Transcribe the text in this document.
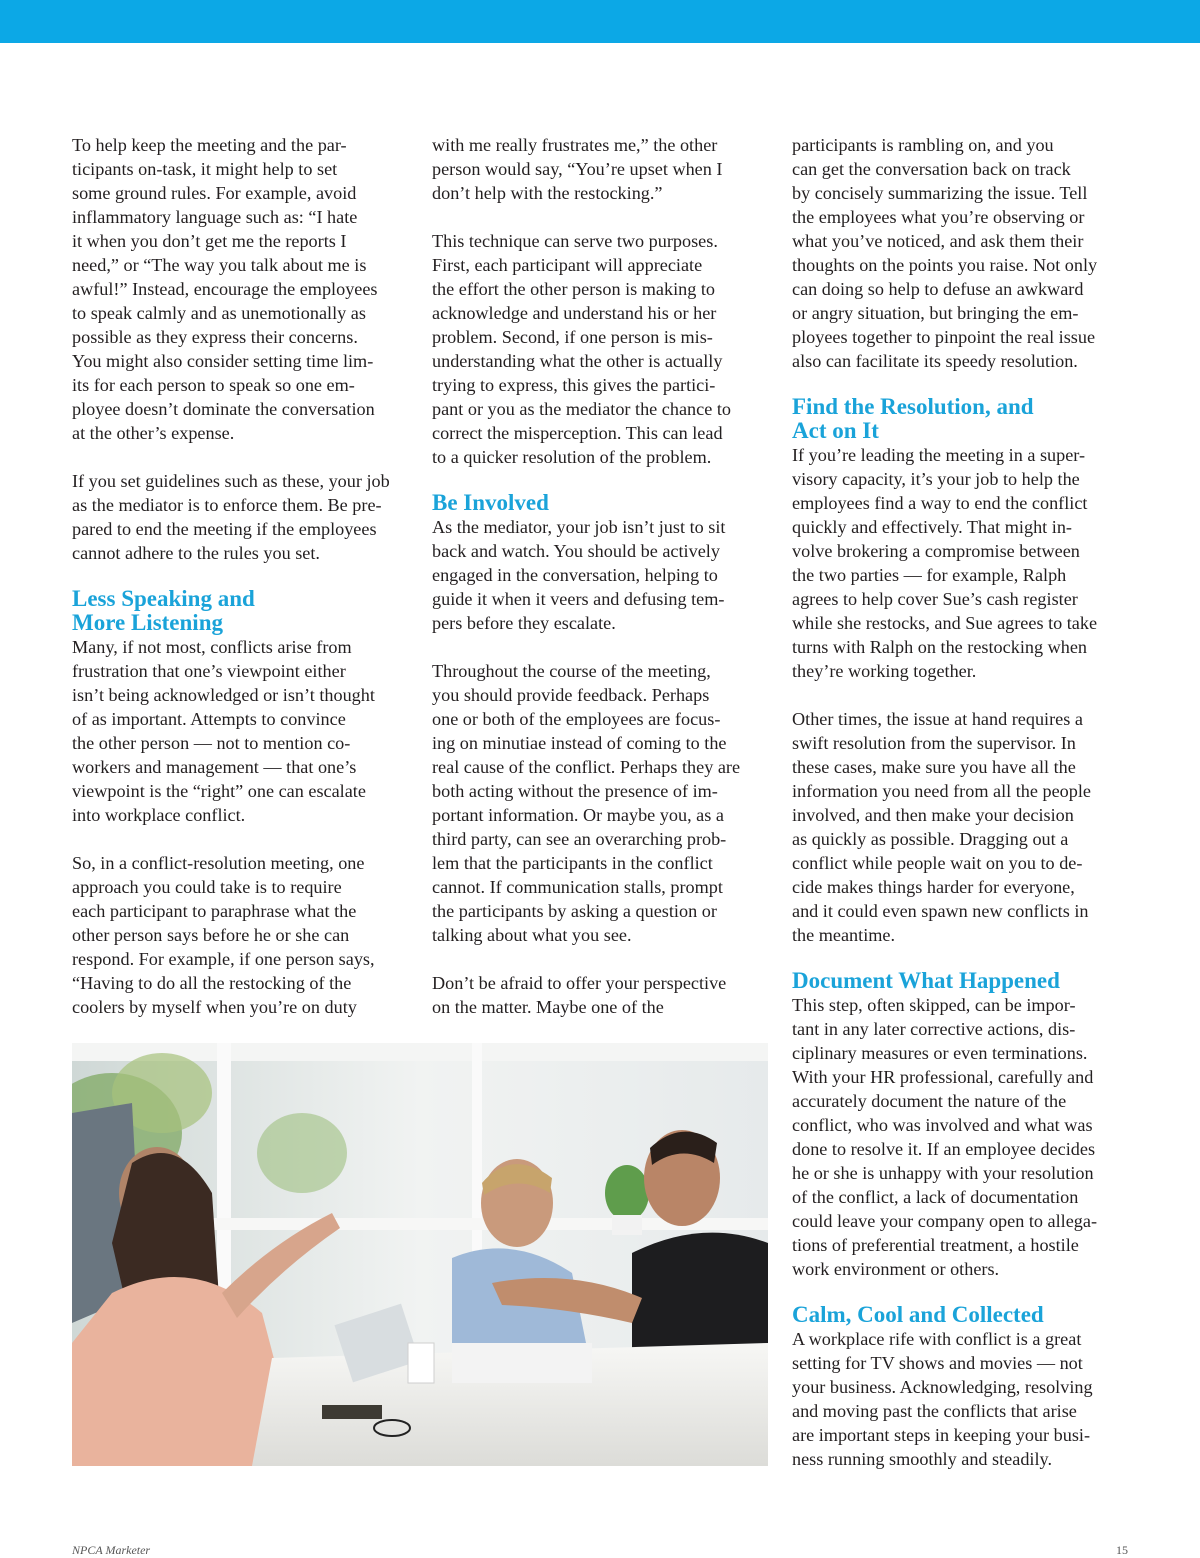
To help keep the meeting and the par-
ticipants on-task, it might help to set
some ground rules. For example, avoid
inflammatory language such as: “I hate
it when you don’t get me the reports I
need,” or “The way you talk about me is
awful!” Instead, encourage the employees
to speak calmly and as unemotionally as
possible as they express their concerns.
You might also consider setting time lim-
its for each person to speak so one em-
ployee doesn’t dominate the conversation
at the other’s expense.
If you set guidelines such as these, your job
as the mediator is to enforce them. Be pre-
pared to end the meeting if the employees
cannot adhere to the rules you set.
Less Speaking and
More Listening
Many, if not most, conflicts arise from
frustration that one’s viewpoint either
isn’t being acknowledged or isn’t thought
of as important. Attempts to convince
the other person — not to mention co-
workers and management — that one’s
viewpoint is the “right” one can escalate
into workplace conflict.
So, in a conflict-resolution meeting, one
approach you could take is to require
each participant to paraphrase what the
other person says before he or she can
respond. For example, if one person says,
“Having to do all the restocking of the
coolers by myself when you’re on duty
with me really frustrates me,” the other
person would say, “You’re upset when I
don’t help with the restocking.”
This technique can serve two purposes.
First, each participant will appreciate
the effort the other person is making to
acknowledge and understand his or her
problem. Second, if one person is mis-
understanding what the other is actually
trying to express, this gives the partici-
pant or you as the mediator the chance to
correct the misperception. This can lead
to a quicker resolution of the problem.
Be Involved
As the mediator, your job isn’t just to sit
back and watch. You should be actively
engaged in the conversation, helping to
guide it when it veers and defusing tem-
pers before they escalate.
Throughout the course of the meeting,
you should provide feedback. Perhaps
one or both of the employees are focus-
ing on minutiae instead of coming to the
real cause of the conflict. Perhaps they are
both acting without the presence of im-
portant information. Or maybe you, as a
third party, can see an overarching prob-
lem that the participants in the conflict
cannot. If communication stalls, prompt
the participants by asking a question or
talking about what you see.
Don’t be afraid to offer your perspective
on the matter. Maybe one of the
participants is rambling on, and you
can get the conversation back on track
by concisely summarizing the issue. Tell
the employees what you’re observing or
what you’ve noticed, and ask them their
thoughts on the points you raise. Not only
can doing so help to defuse an awkward
or angry situation, but bringing the em-
ployees together to pinpoint the real issue
also can facilitate its speedy resolution.
Find the Resolution, and
Act on It
If you’re leading the meeting in a super-
visory capacity, it’s your job to help the
employees find a way to end the conflict
quickly and effectively. That might in-
volve brokering a compromise between
the two parties — for example, Ralph
agrees to help cover Sue’s cash register
while she restocks, and Sue agrees to take
turns with Ralph on the restocking when
they’re working together.
Other times, the issue at hand requires a
swift resolution from the supervisor. In
these cases, make sure you have all the
information you need from all the people
involved, and then make your decision
as quickly as possible. Dragging out a
conflict while people wait on you to de-
cide makes things harder for everyone,
and it could even spawn new conflicts in
the meantime.
Document What Happened
This step, often skipped, can be impor-
tant in any later corrective actions, dis-
ciplinary measures or even terminations.
With your HR professional, carefully and
accurately document the nature of the
conflict, who was involved and what was
done to resolve it. If an employee decides
he or she is unhappy with your resolution
of the conflict, a lack of documentation
could leave your company open to allega-
tions of preferential treatment, a hostile
work environment or others.
Calm, Cool and Collected
A workplace rife with conflict is a great
setting for TV shows and movies — not
your business. Acknowledging, resolving
and moving past the conflicts that arise
are important steps in keeping your busi-
ness running smoothly and steadily.
NPCA Marketer	15
